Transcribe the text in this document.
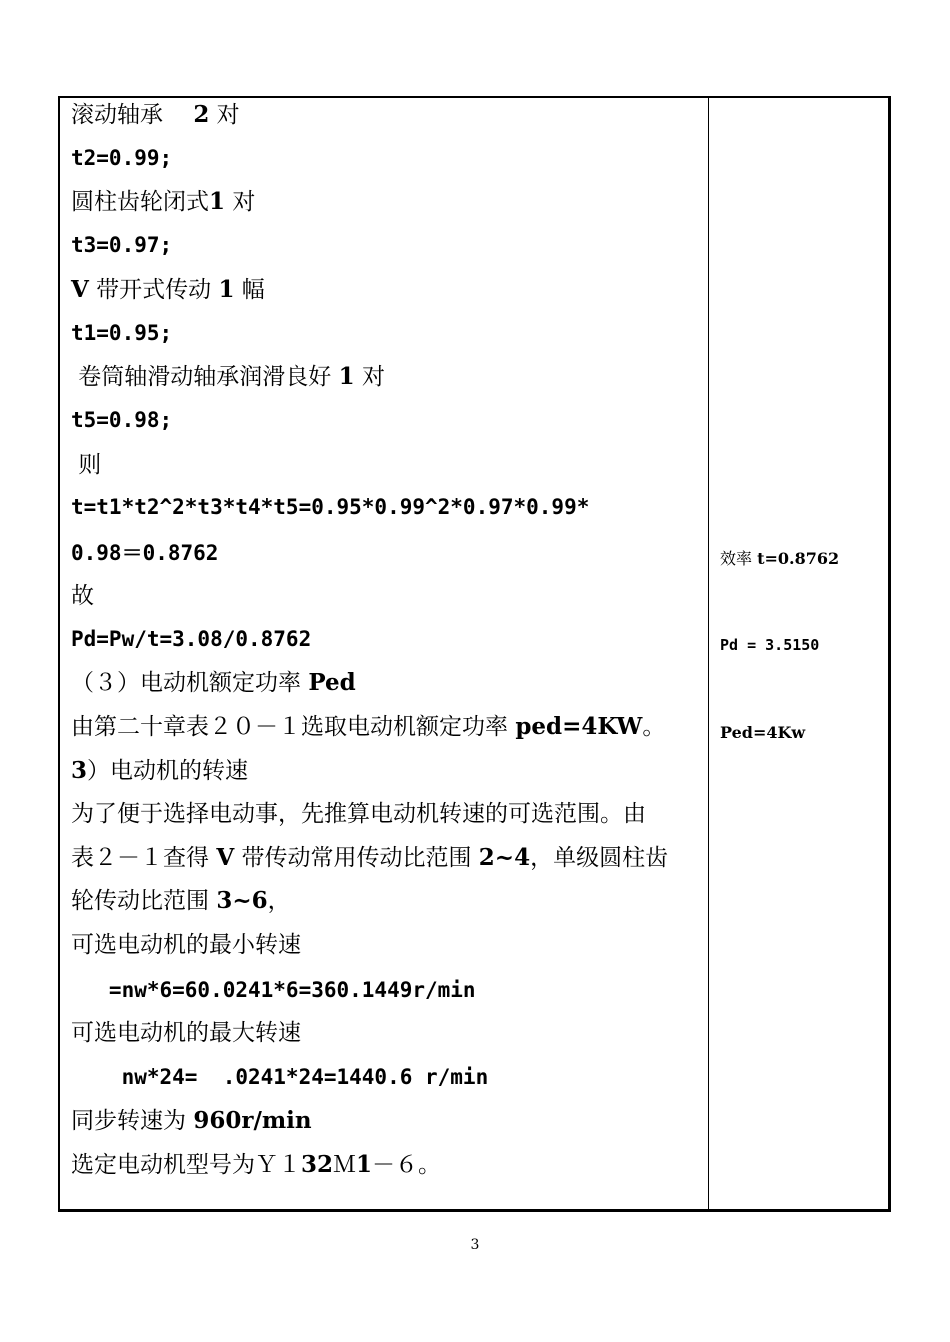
滚动轴承　 2 对
t2=0.99;
圆柱齿轮闭式1 对
t3=0.97;
V 带开式传动 1 幅
t1=0.95;
卷筒轴滑动轴承润滑良好 1 对
t5=0.98;
则
t=t1*t2^2*t3*t4*t5=0.95*0.99^2*0.97*0.99*
0.98＝0.8762
故
Pd=Pw/t=3.08/0.8762
（３）电动机额定功率 Ped
由第二十章表２０－１选取电动机额定功率 ped=4KW。
3）电动机的转速
为了便于选择电动事，先推算电动机转速的可选范围。由
表２－１查得 V 带传动常用传动比范围 2~4，单级圆柱齿
轮传动比范围 3~6，
可选电动机的最小转速
=nw*6=60.0241*6=360.1449r/min
可选电动机的最大转速
nw*24=  .0241*24=1440.6 r/min
同步转速为 960r/min
选定电动机型号为Ｙ１32Ｍ1－６。
效率 t=0.8762
Pd = 3.5150
Ped=4Kw
3
